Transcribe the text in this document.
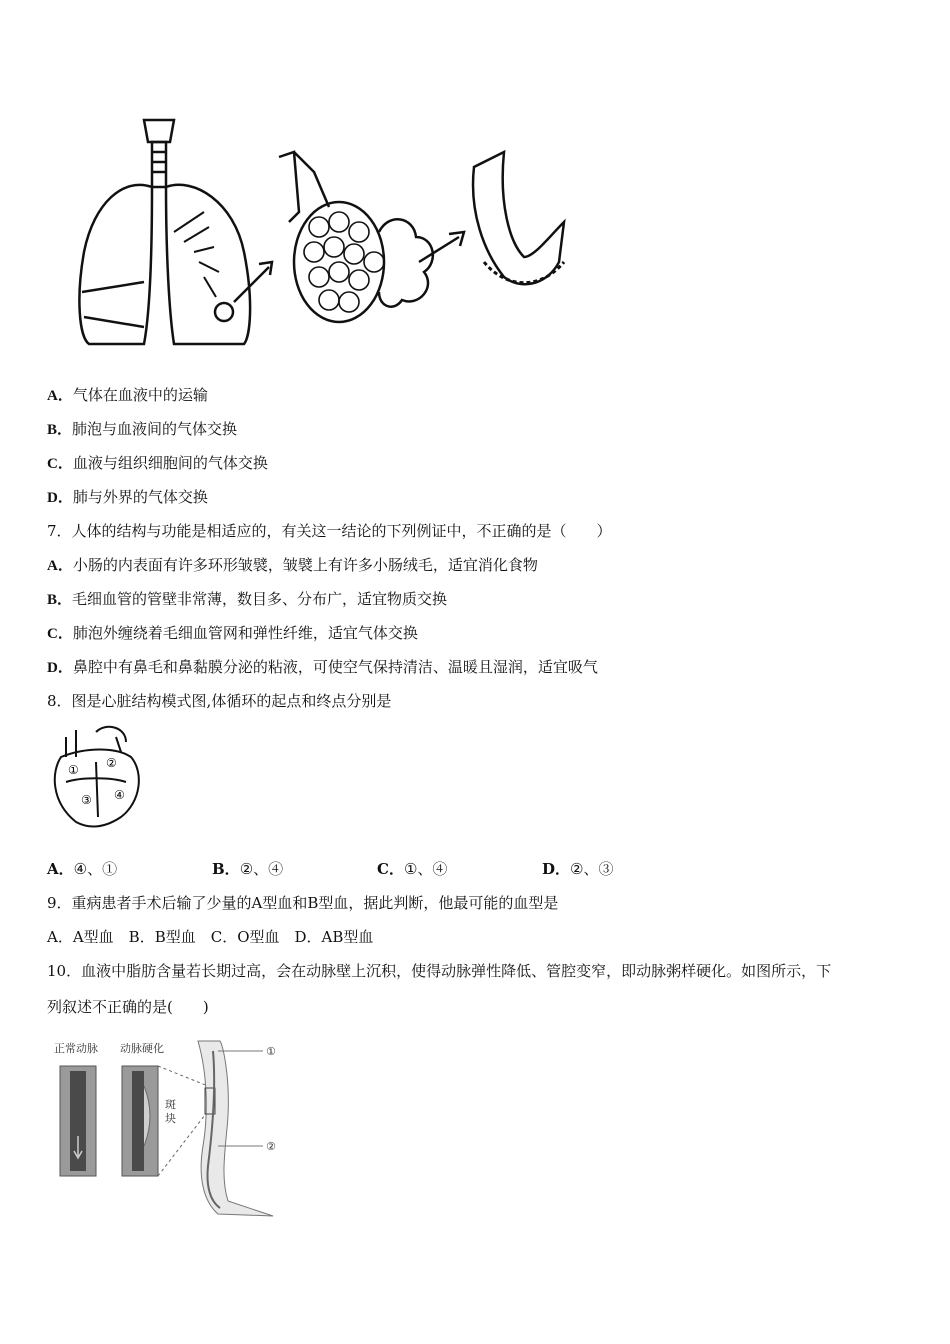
A．气体在血液中的运输
B．肺泡与血液间的气体交换
C．血液与组织细胞间的气体交换
D．肺与外界的气体交换
7．人体的结构与功能是相适应的，有关这一结论的下列例证中，不正确的是（　　）
A．小肠的内表面有许多环形皱襞，皱襞上有许多小肠绒毛，适宜消化食物
B．毛细血管的管壁非常薄，数目多、分布广，适宜物质交换
C．肺泡外缠绕着毛细血管网和弹性纤维，适宜气体交换
D．鼻腔中有鼻毛和鼻黏膜分泌的粘液，可使空气保持清洁、温暖且湿润，适宜吸气
8．图是心脏结构模式图,体循环的起点和终点分别是
① ②
③ ④
A．④、①	B．②、④	C．①、④	D．②、③
9．重病患者手术后输了少量的A型血和B型血，据此判断，他最可能的血型是
A．A型血　B．B型血　C．O型血　D．AB型血
10．血液中脂肪含量若长期过高，会在动脉壁上沉积，使得动脉弹性降低、管腔变窄，即动脉粥样硬化。如图所示，下
列叙述不正确的是(　　)
正常动脉 动脉硬化
斑
块
①
②
